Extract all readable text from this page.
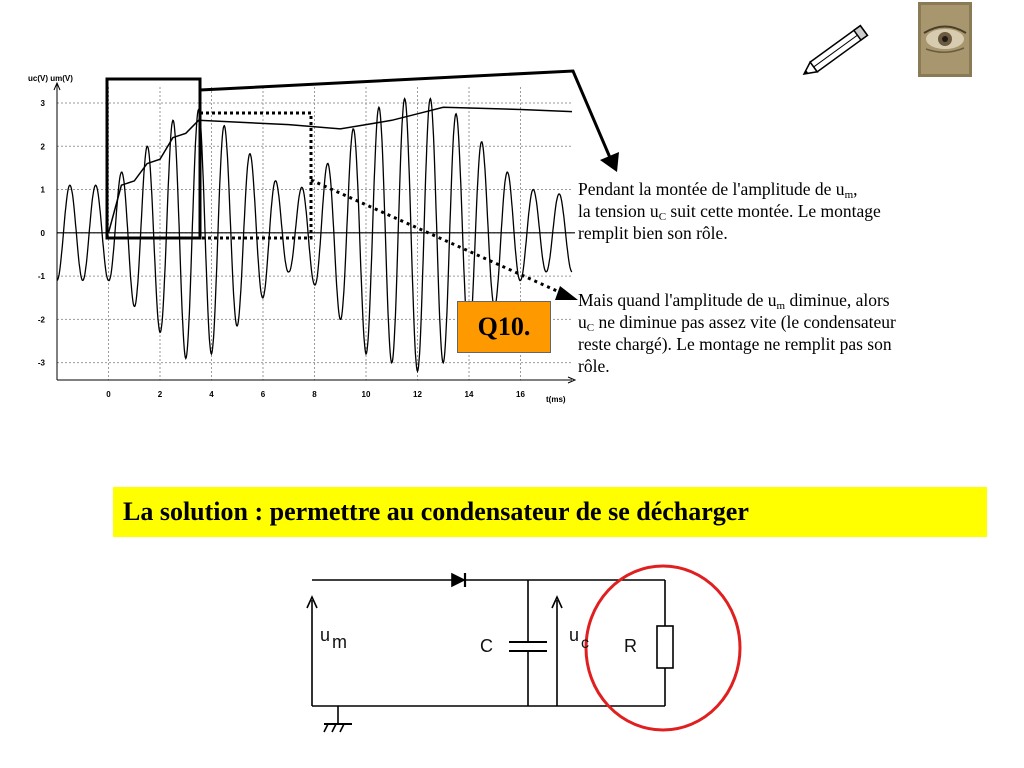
0	2	4	6	8	10	12	14	16
3
2
1
0
-1
-2
-3
uc(V) um(V)
t(ms)
u m	C
u c R
Pendant la montée de l'amplitude de $u_m$,
la tension $u_C$ suit cette montée. Le montage
remplit bien son rôle.
Mais quand l'amplitude de $u_m$ diminue, alors
$u_C$ ne diminue pas assez vite (le condensateur
reste chargé). Le montage ne remplit pas son
rôle.
Q10.
La solution : permettre au condensateur de se décharger
